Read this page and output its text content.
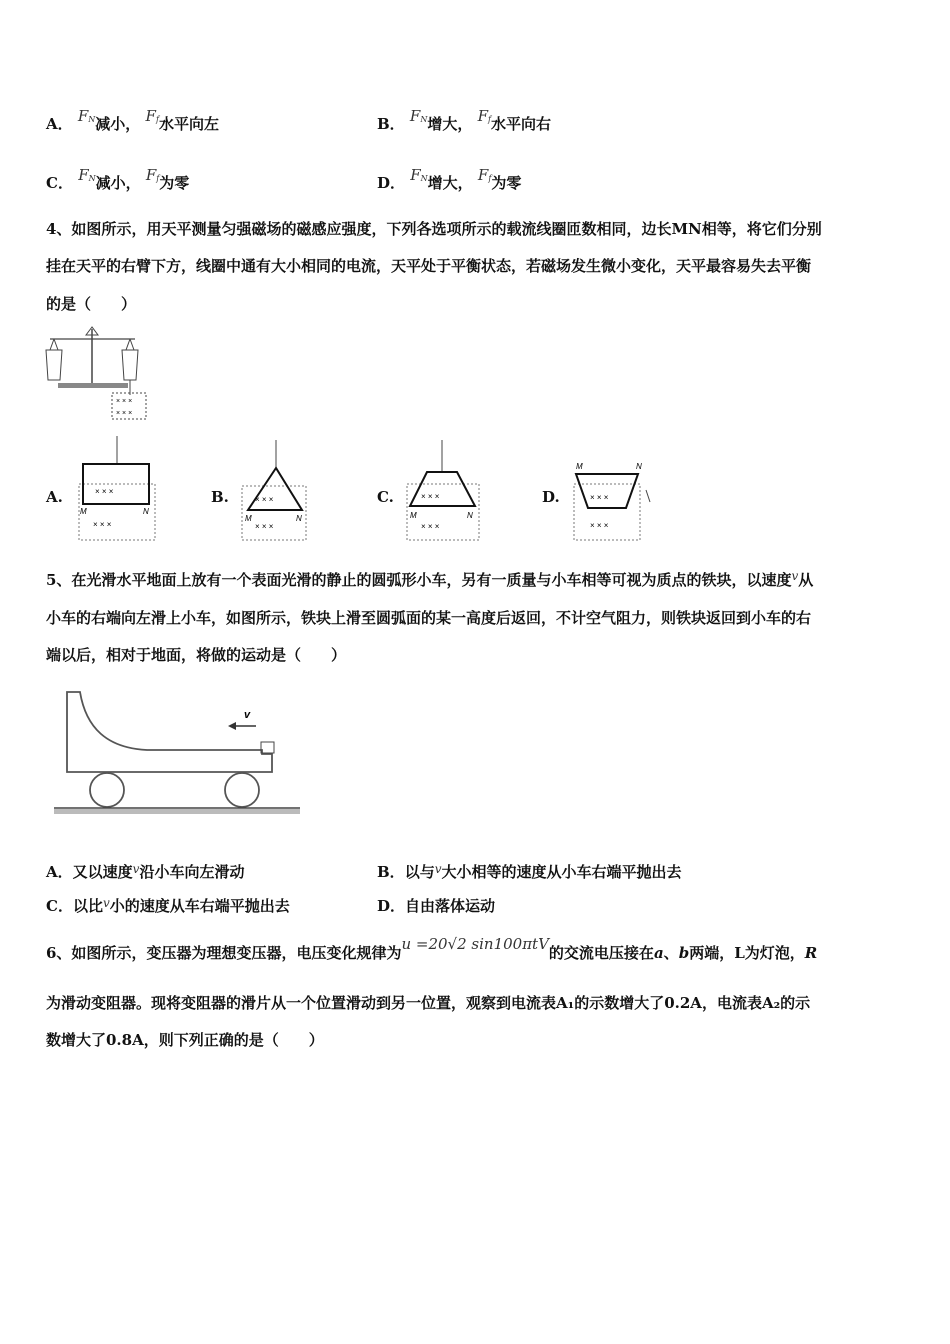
A． FN减小， Ff水平向左	B． FN增大， Ff水平向右
C． FN减小， Ff为零	D． FN增大， Ff为零
4、如图所示，用天平测量匀强磁场的磁感应强度，下列各选项所示的载流线圈匝数相同，边长MN相等，将它们分别
挂在天平的右臂下方，线圈中通有大小相同的电流，天平处于平衡状态，若磁场发生微小变化，天平最容易失去平衡
的是（　　）
× × ×
× × ×
A.	× × ×
× × ×
M	N
B.	× × ×
× × ×
M	N
C.	× × ×
× × ×
M	N
D.
M	N
× × ×
× × ×
5、在光滑水平地面上放有一个表面光滑的静止的圆弧形小车，另有一质量与小车相等可视为质点的铁块，以速度$^v$从
小车的右端向左滑上小车，如图所示，铁块上滑至圆弧面的某一高度后返回，不计空气阻力，则铁块返回到小车的右
端以后，相对于地面，将做的运动是（　　）
v
A．又以速度$^v$沿小车向左滑动	B．以与$^v$大小相等的速度从小车右端平抛出去
C．以比$^v$小的速度从车右端平抛出去	D．自由落体运动
6、如图所示，变压器为理想变压器，电压变化规律为u =20√2 sin100πtV的交流电压接在a、b两端，L为灯泡，R
为滑动变阻器。现将变阻器的滑片从一个位置滑动到另一位置，观察到电流表A₁的示数增大了0.2A，电流表A₂的示
数增大了0.8A，则下列正确的是（　　）
